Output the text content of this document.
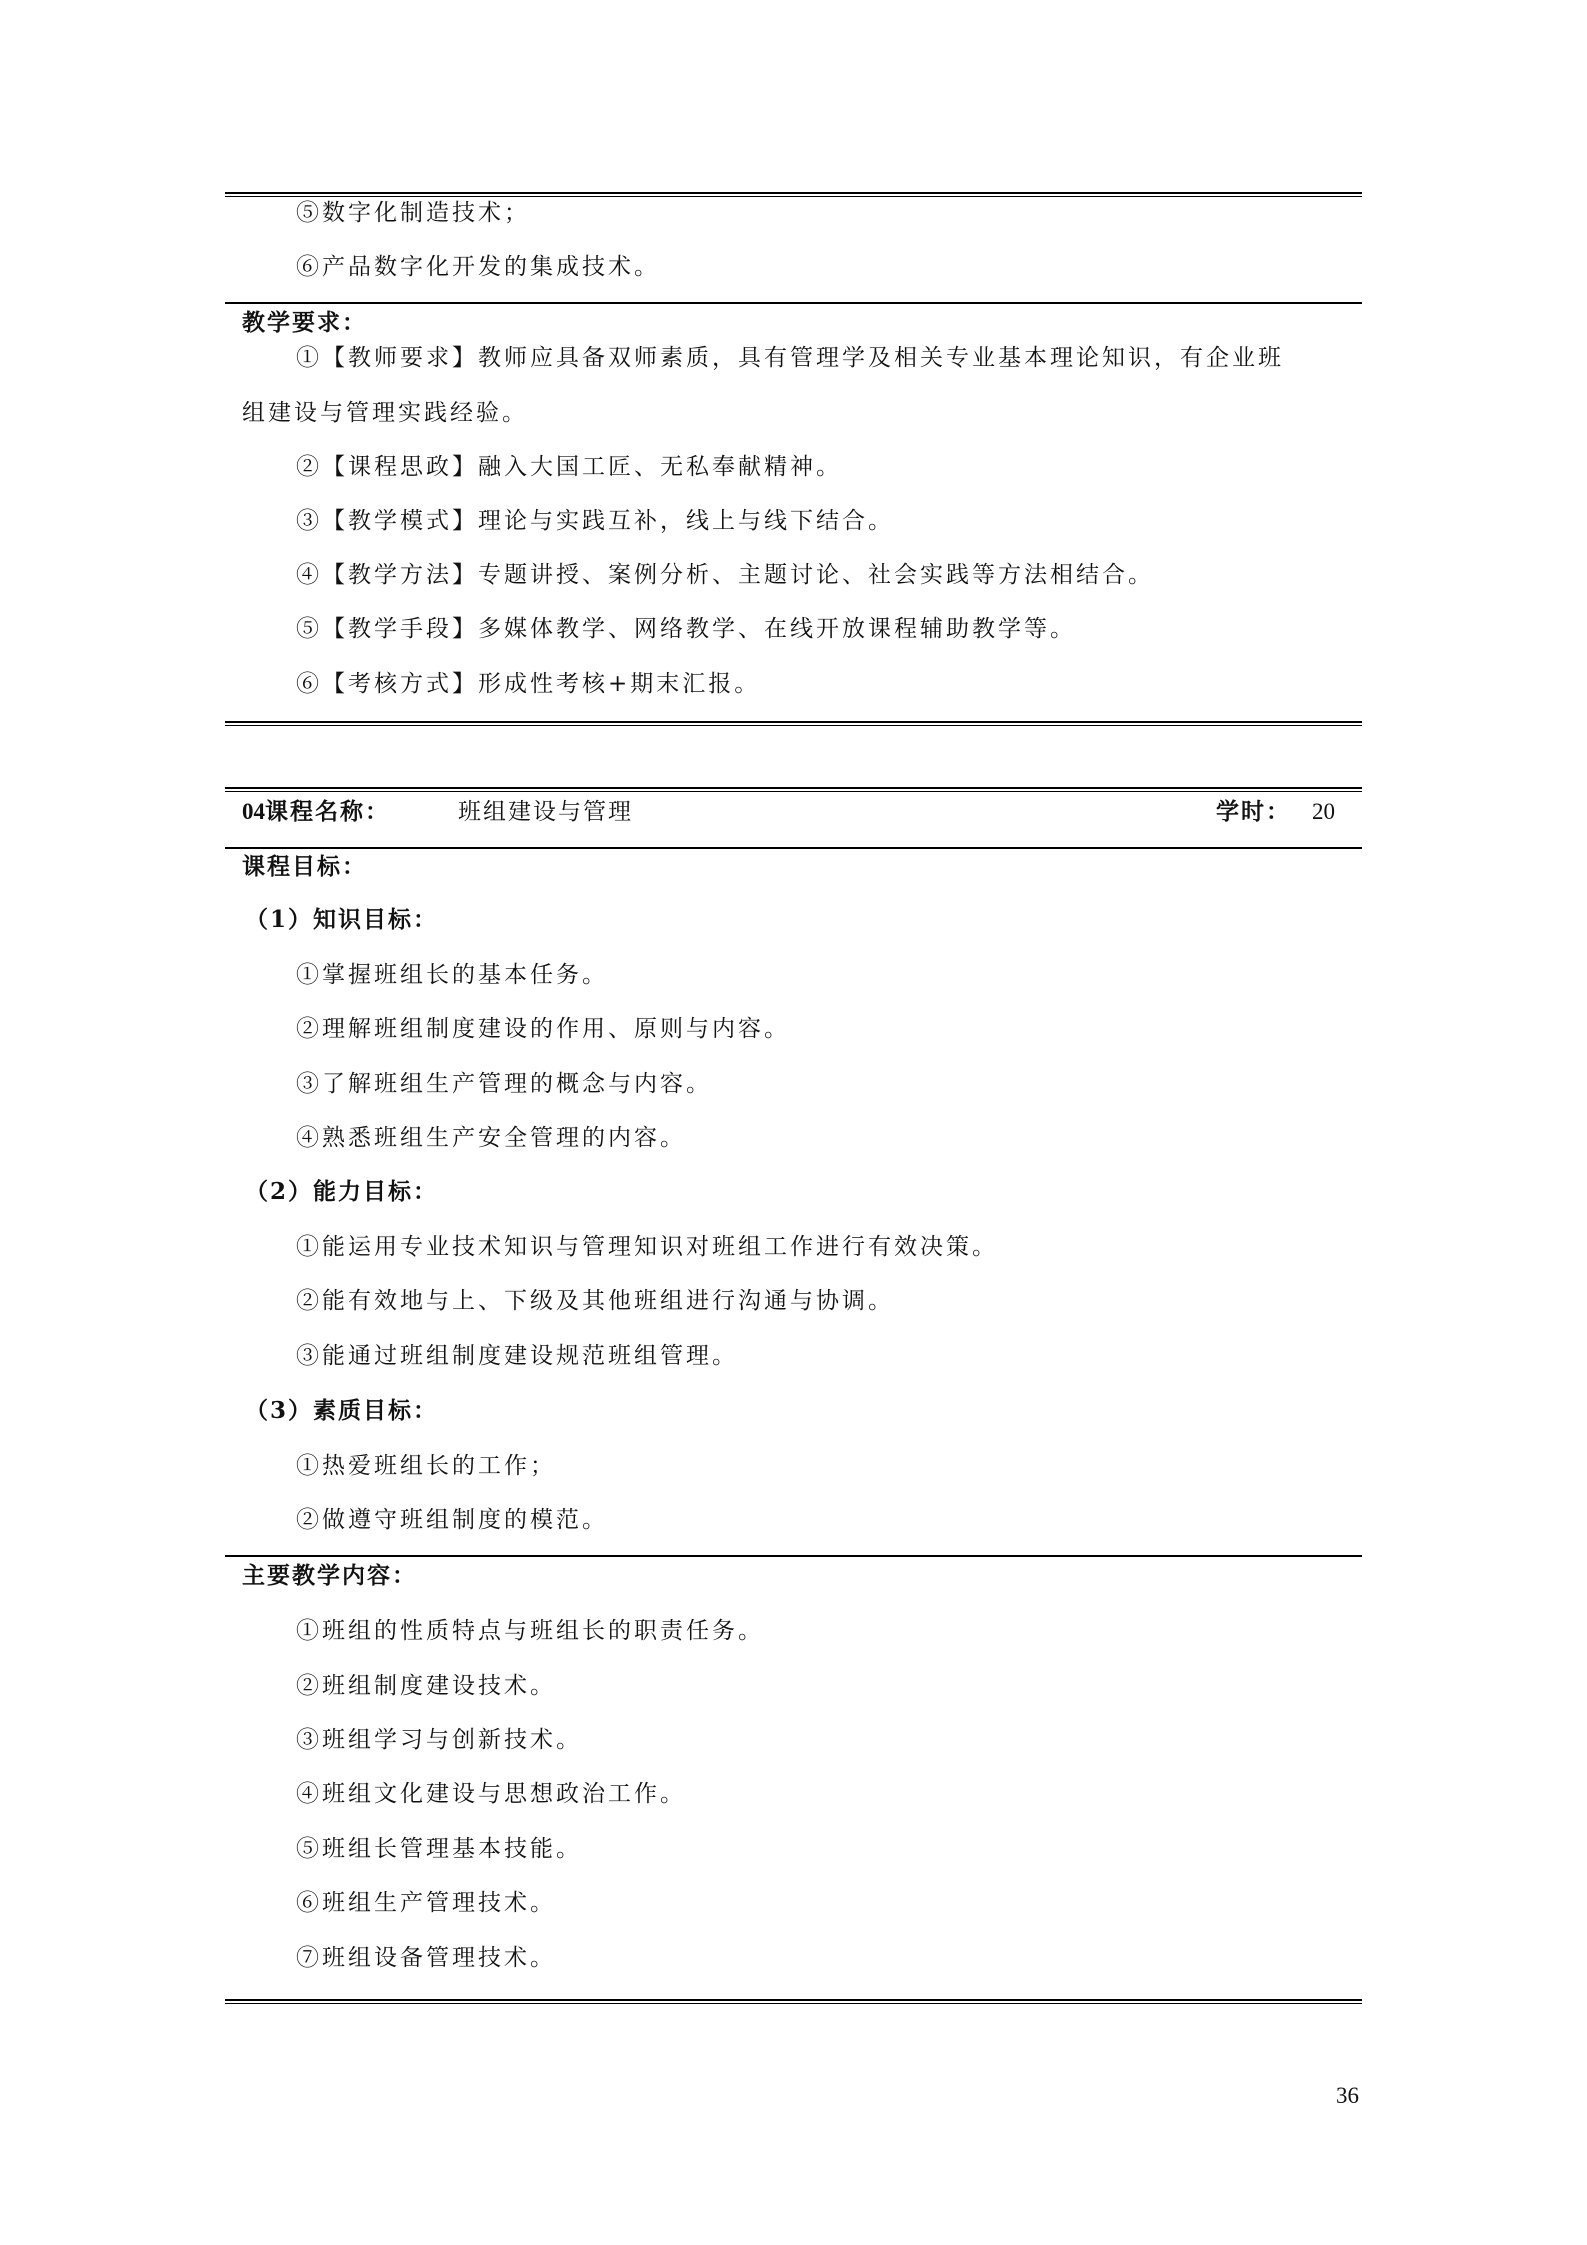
⑤数字化制造技术；
⑥产品数字化开发的集成技术。
教学要求：
①【教师要求】教师应具备双师素质，具有管理学及相关专业基本理论知识，有企业班
组建设与管理实践经验。
②【课程思政】融入大国工匠、无私奉献精神。
③【教学模式】理论与实践互补，线上与线下结合。
④【教学方法】专题讲授、案例分析、主题讨论、社会实践等方法相结合。
⑤【教学手段】多媒体教学、网络教学、在线开放课程辅助教学等。
⑥【考核方式】形成性考核+期末汇报。
04课程名称：	班组建设与管理	学时： 20
课程目标：
（1）知识目标：
①掌握班组长的基本任务。
②理解班组制度建设的作用、原则与内容。
③了解班组生产管理的概念与内容。
④熟悉班组生产安全管理的内容。
（2）能力目标：
①能运用专业技术知识与管理知识对班组工作进行有效决策。
②能有效地与上、下级及其他班组进行沟通与协调。
③能通过班组制度建设规范班组管理。
（3）素质目标：
①热爱班组长的工作；
②做遵守班组制度的模范。
主要教学内容：
①班组的性质特点与班组长的职责任务。
②班组制度建设技术。
③班组学习与创新技术。
④班组文化建设与思想政治工作。
⑤班组长管理基本技能。
⑥班组生产管理技术。
⑦班组设备管理技术。
36
